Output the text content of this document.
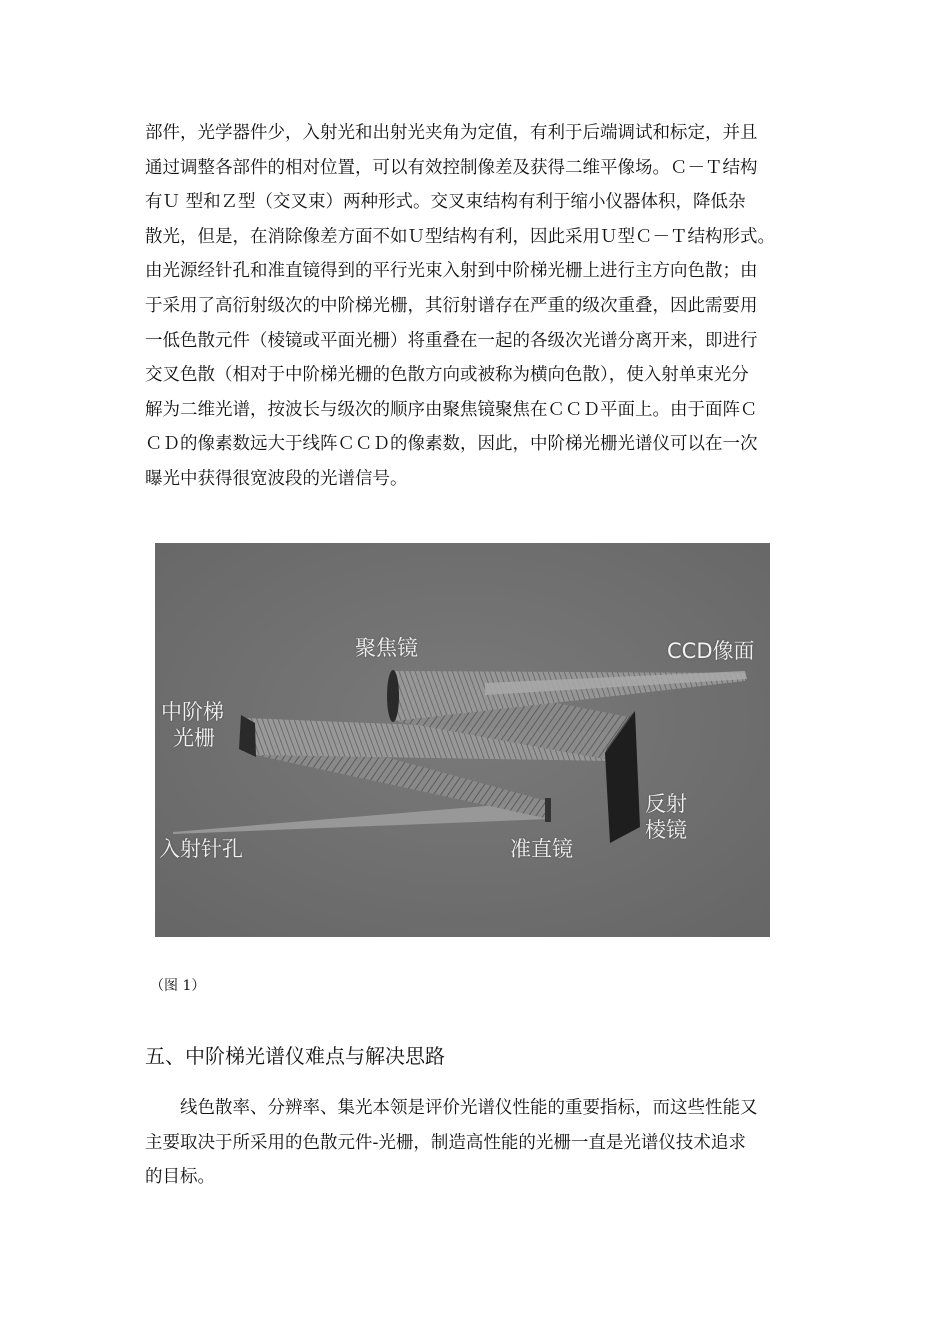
部件，光学器件少，入射光和出射光夹角为定值，有利于后端调试和标定，并且
通过调整各部件的相对位置，可以有效控制像差及获得二维平像场。Ｃ－Ｔ结构
有Ｕ 型和Ｚ型（交叉束）两种形式。交叉束结构有利于缩小仪器体积，降低杂
散光，但是，在消除像差方面不如Ｕ型结构有利，因此采用Ｕ型Ｃ－Ｔ结构形式。
由光源经针孔和准直镜得到的平行光束入射到中阶梯光栅上进行主方向色散；由
于采用了高衍射级次的中阶梯光栅，其衍射谱存在严重的级次重叠，因此需要用
一低色散元件（棱镜或平面光栅）将重叠在一起的各级次光谱分离开来，即进行
交叉色散（相对于中阶梯光栅的色散方向或被称为横向色散），使入射单束光分
解为二维光谱，按波长与级次的顺序由聚焦镜聚焦在ＣＣＤ平面上。由于面阵Ｃ
ＣＤ的像素数远大于线阵ＣＣＤ的像素数，因此，中阶梯光栅光谱仪可以在一次
曝光中获得很宽波段的光谱信号。
聚焦镜	CCD像面
中阶梯
光栅
反射
棱镜
入射针孔	准直镜
（图 1）
五、中阶梯光谱仪难点与解决思路
线色散率、分辨率、集光本领是评价光谱仪性能的重要指标，而这些性能又
主要取决于所采用的色散元件-光栅，制造高性能的光栅一直是光谱仪技术追求
的目标。
